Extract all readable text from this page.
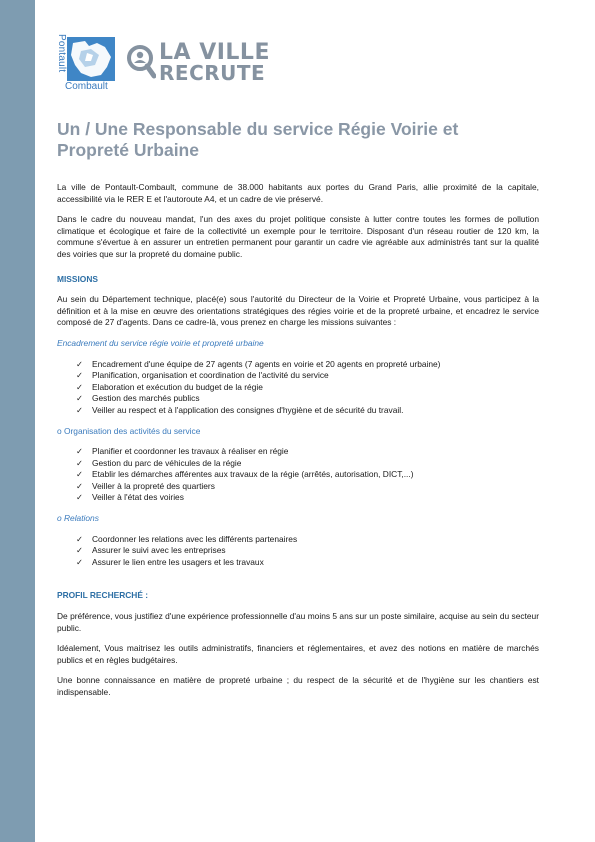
Pontault
Combault
LA VILLE
RECRUTE
Un / Une Responsable du service Régie Voirie et Propreté Urbaine

La ville de Pontault-Combault, commune de 38.000 habitants aux portes du Grand Paris, allie proximité de la capitale, accessibilité via le RER E et l'autoroute A4, et un cadre de vie préservé.

Dans le cadre du nouveau mandat, l'un des axes du projet politique consiste à lutter contre toutes les formes de pollution climatique et écologique et faire de la collectivité un exemple pour le territoire. Disposant d'un réseau routier de 120 km, la commune s'évertue à en assurer un entretien permanent pour garantir un cadre vie agréable aux administrés tant sur la qualité des voiries que sur la propreté du domaine public.

MISSIONS

Au sein du Département technique, placé(e) sous l'autorité du Directeur de la Voirie et Propreté Urbaine, vous participez à la définition et à la mise en œuvre des orientations stratégiques des régies voirie et de la propreté urbaine, et encadrez le service composé de 27 d'agents. Dans ce cadre-là, vous prenez en charge les missions suivantes :

Encadrement du service régie voirie et propreté urbaine

✓ Encadrement d'une équipe de 27 agents (7 agents en voirie et 20 agents en propreté urbaine)
✓ Planification, organisation et coordination de l'activité du service
✓ Elaboration et exécution du budget de la régie
✓ Gestion des marchés publics
✓ Veiller au respect et à l'application des consignes d'hygiène et de sécurité du travail.

o Organisation des activités du service

✓ Planifier et coordonner les travaux à réaliser en régie
✓ Gestion du parc de véhicules de la régie
✓ Etablir les démarches afférentes aux travaux de la régie (arrêtés, autorisation, DICT,...)
✓ Veiller à la propreté des quartiers
✓ Veiller à l'état des voiries

o Relations

✓ Coordonner les relations avec les différents partenaires
✓ Assurer le suivi avec les entreprises
✓ Assurer le lien entre les usagers et les travaux

PROFIL RECHERCHÉ :

De préférence, vous justifiez d'une expérience professionnelle d'au moins 5 ans sur un poste similaire, acquise au sein du secteur public.

Idéalement, Vous maitrisez les outils administratifs, financiers et réglementaires, et avez des notions en matière de marchés publics et en règles budgétaires.

Une bonne connaissance en matière de propreté urbaine ; du respect de la sécurité et de l'hygiène sur les chantiers est indispensable.
